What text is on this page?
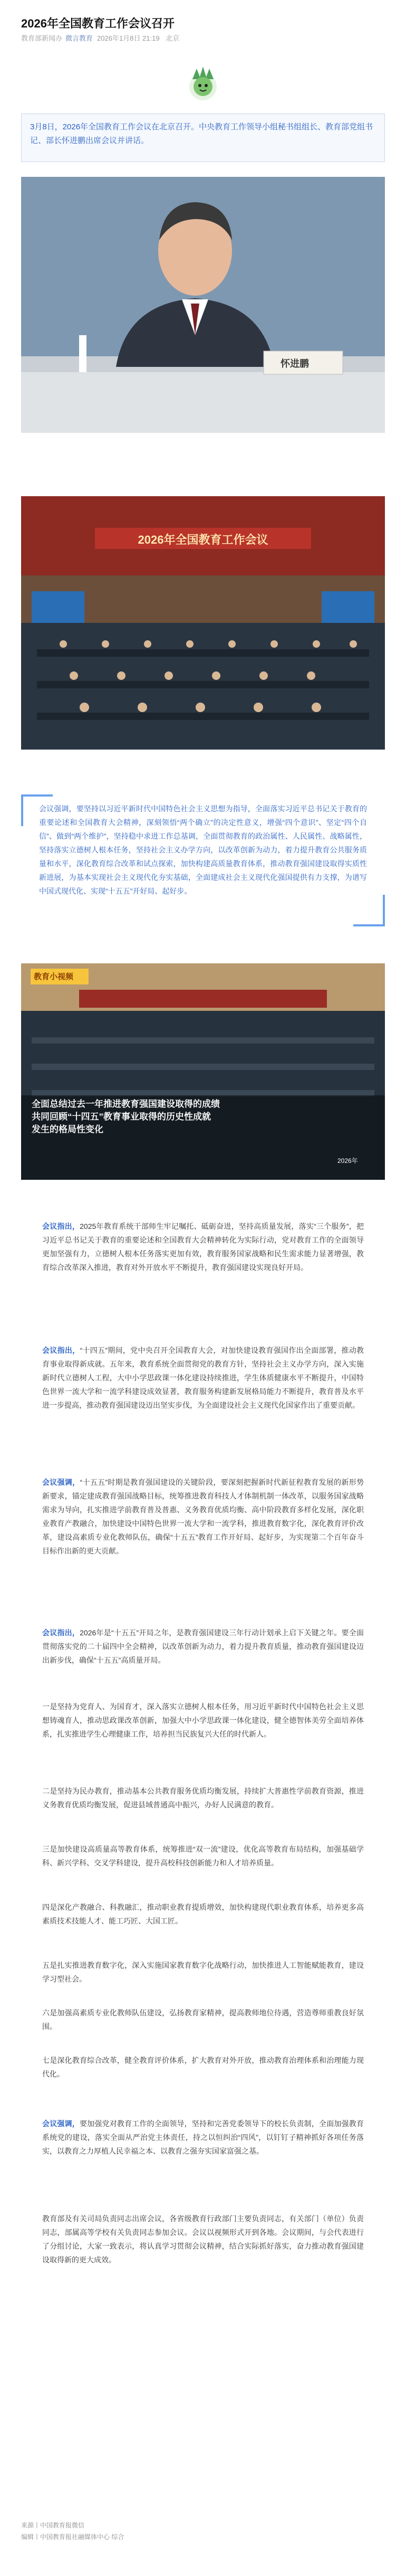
2026年全国教育工作会议召开
教育部新闻办 微言教育 2026年1月8日 21:19 北京
3月8日，2026年全国教育工作会议在北京召开。中央教育工作领导小组秘书组组长、教育部党组书记、部长怀进鹏出席会议并讲话。
怀进鹏
2026年全国教育工作会议
会议强调，要坚持以习近平新时代中国特色社会主义思想为指导，全面落实习近平总书记关于教育的重要论述和全国教育大会精神，深刻领悟“两个确立”的决定性意义，增强“四个意识”、坚定“四个自信”、做到“两个维护”，坚持稳中求进工作总基调，全面贯彻教育的政治属性、人民属性、战略属性，坚持落实立德树人根本任务，坚持社会主义办学方向，以改革创新为动力，着力提升教育公共服务质量和水平，深化教育综合改革和试点探索，加快构建高质量教育体系，推动教育强国建设取得实质性新进展，为基本实现社会主义现代化夯实基础，全面建成社会主义现代化强国提供有力支撑，为谱写中国式现代化、实现“十五五”开好局、起好步。
教育小视频
全面总结过去一年推进教育强国建设取得的成绩
共同回顾“十四五”教育事业取得的历史性成就
发生的格局性变化
2026年
会议指出，2025年教育系统干部师生牢记嘱托、砥砺奋进，坚持高质量发展，落实“三个服务”，把习近平总书记关于教育的重要论述和全国教育大会精神转化为实际行动，党对教育工作的全面领导更加坚强有力，立德树人根本任务落实更加有效，教育服务国家战略和民生需求能力显著增强，教育综合改革深入推进，教育对外开放水平不断提升，教育强国建设实现良好开局。
会议指出，“十四五”期间，党中央召开全国教育大会，对加快建设教育强国作出全面部署，推动教育事业取得新成就。五年来，教育系统全面贯彻党的教育方针，坚持社会主义办学方向，深入实施新时代立德树人工程，大中小学思政课一体化建设持续推进，学生体质健康水平不断提升，中国特色世界一流大学和一流学科建设成效显著，教育服务构建新发展格局能力不断提升，教育普及水平进一步提高，推动教育强国建设迈出坚实步伐，为全面建设社会主义现代化国家作出了重要贡献。
会议强调，“十五五”时期是教育强国建设的关键阶段，要深刻把握新时代新征程教育发展的新形势新要求，锚定建成教育强国战略目标，统筹推进教育科技人才体制机制一体改革，以服务国家战略需求为导向，扎实推进学前教育普及普惠、义务教育优质均衡、高中阶段教育多样化发展，深化职业教育产教融合，加快建设中国特色世界一流大学和一流学科，推进教育数字化，深化教育评价改革，建设高素质专业化教师队伍，确保“十五五”教育工作开好局、起好步，为实现第二个百年奋斗目标作出新的更大贡献。
会议指出，2026年是“十五五”开局之年，是教育强国建设三年行动计划承上启下关键之年。要全面贯彻落实党的二十届四中全会精神，以改革创新为动力，着力提升教育质量，推动教育强国建设迈出新步伐，确保“十五五”高质量开局。
一是坚持为党育人、为国育才，深入落实立德树人根本任务，用习近平新时代中国特色社会主义思想铸魂育人，推动思政课改革创新，加强大中小学思政课一体化建设，健全德智体美劳全面培养体系，扎实推进学生心理健康工作，培养担当民族复兴大任的时代新人。
二是坚持为民办教育，推动基本公共教育服务优质均衡发展，持续扩大普惠性学前教育资源，推进义务教育优质均衡发展，促进县域普通高中振兴，办好人民满意的教育。
三是加快建设高质量高等教育体系，统筹推进“双一流”建设，优化高等教育布局结构，加强基础学科、新兴学科、交叉学科建设，提升高校科技创新能力和人才培养质量。
四是深化产教融合、科教融汇，推动职业教育提质增效，加快构建现代职业教育体系，培养更多高素质技术技能人才、能工巧匠、大国工匠。
五是扎实推进教育数字化，深入实施国家教育数字化战略行动，加快推进人工智能赋能教育，建设学习型社会。
六是加强高素质专业化教师队伍建设，弘扬教育家精神，提高教师地位待遇，营造尊师重教良好氛围。
七是深化教育综合改革，健全教育评价体系，扩大教育对外开放，推动教育治理体系和治理能力现代化。
会议强调，要加强党对教育工作的全面领导，坚持和完善党委领导下的校长负责制，全面加强教育系统党的建设，落实全面从严治党主体责任，持之以恒纠治“四风”，以钉钉子精神抓好各项任务落实，以教育之力厚植人民幸福之本、以教育之强夯实国家富强之基。
教育部及有关司局负责同志出席会议，各省级教育行政部门主要负责同志，有关部门（单位）负责同志，部属高等学校有关负责同志参加会议。会议以视频形式开到各地。会议期间，与会代表进行了分组讨论，大家一致表示，将认真学习贯彻会议精神，结合实际抓好落实，奋力推动教育强国建设取得新的更大成效。
来源丨中国教育报微信
编辑丨中国教育报社融媒体中心 综合
